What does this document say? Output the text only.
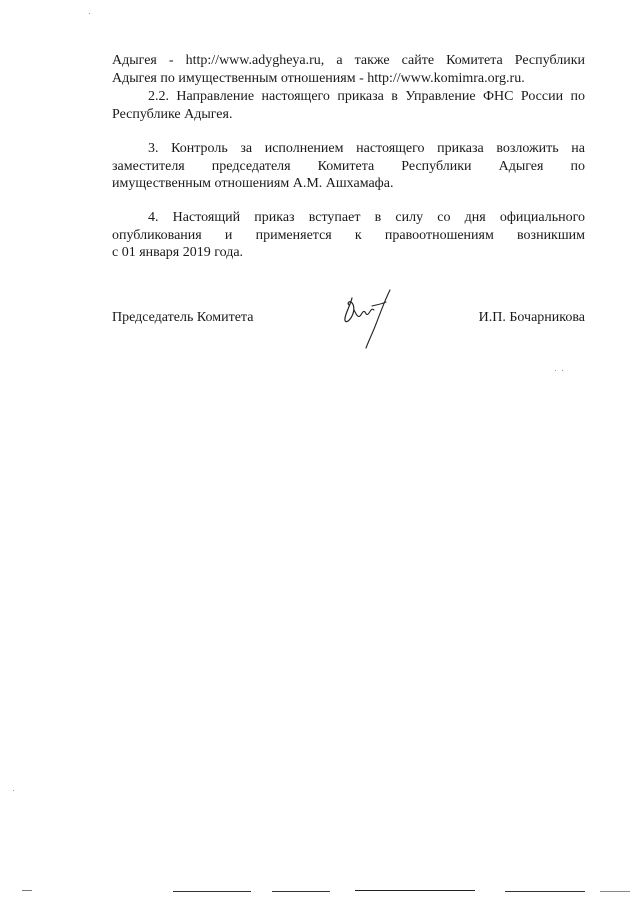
Адыгея - http://www.adygheya.ru, а также сайте Комитета Республики
Адыгея по имущественным отношениям - http://www.komimra.org.ru.
2.2. Направление настоящего приказа в Управление ФНС России по
Республике Адыгея.
3. Контроль за исполнением настоящего приказа возложить на
заместителя председателя Комитета Республики Адыгея по
имущественным отношениям А.М. Ашхамафа.
4. Настоящий приказ вступает в силу со дня официального
опубликования и применяется к правоотношениям возникшим
с 01 января 2019 года.
Председатель Комитета	И.П. Бочарникова
